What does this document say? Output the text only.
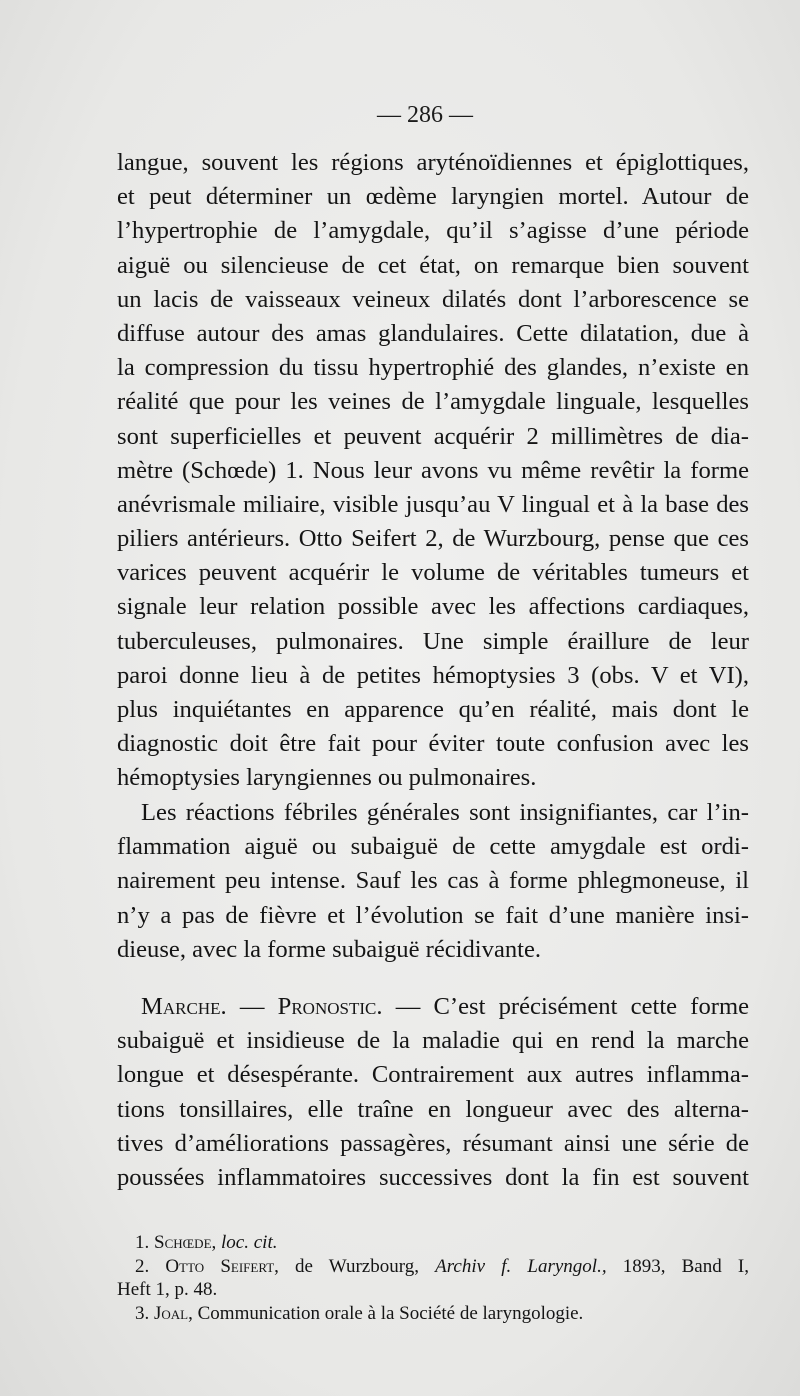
— 286 —
langue, souvent les régions aryténoïdiennes et épiglottiques,
et peut déterminer un œdème laryngien mortel. Autour de
l’hypertrophie de l’amygdale, qu’il s’agisse d’une période
aiguë ou silencieuse de cet état, on remarque bien souvent
un lacis de vaisseaux veineux dilatés dont l’arborescence se
diffuse autour des amas glandulaires. Cette dilatation, due à
la compression du tissu hypertrophié des glandes, n’existe en
réalité que pour les veines de l’amygdale linguale, lesquelles
sont superficielles et peuvent acquérir 2 millimètres de dia-
mètre (Schœde) 1. Nous leur avons vu même revêtir la forme
anévrismale miliaire, visible jusqu’au V lingual et à la base des
piliers antérieurs. Otto Seifert 2, de Wurzbourg, pense que ces
varices peuvent acquérir le volume de véritables tumeurs et
signale leur relation possible avec les affections cardiaques,
tuberculeuses, pulmonaires. Une simple éraillure de leur
paroi donne lieu à de petites hémoptysies 3 (obs. V et VI),
plus inquiétantes en apparence qu’en réalité, mais dont le
diagnostic doit être fait pour éviter toute confusion avec les
hémoptysies laryngiennes ou pulmonaires.
Les réactions fébriles générales sont insignifiantes, car l’in-
flammation aiguë ou subaiguë de cette amygdale est ordi-
nairement peu intense. Sauf les cas à forme phlegmoneuse, il
n’y a pas de fièvre et l’évolution se fait d’une manière insi-
dieuse, avec la forme subaiguë récidivante.
Marche. — Pronostic. — C’est précisément cette forme
subaiguë et insidieuse de la maladie qui en rend la marche
longue et désespérante. Contrairement aux autres inflamma-
tions tonsillaires, elle traîne en longueur avec des alterna-
tives d’améliorations passagères, résumant ainsi une série de
poussées inflammatoires successives dont la fin est souvent
1. Schœde, loc. cit.
2. Otto Seifert, de Wurzbourg, Archiv f. Laryngol., 1893, Band I,
Heft 1, p. 48.
3. Joal, Communication orale à la Société de laryngologie.
